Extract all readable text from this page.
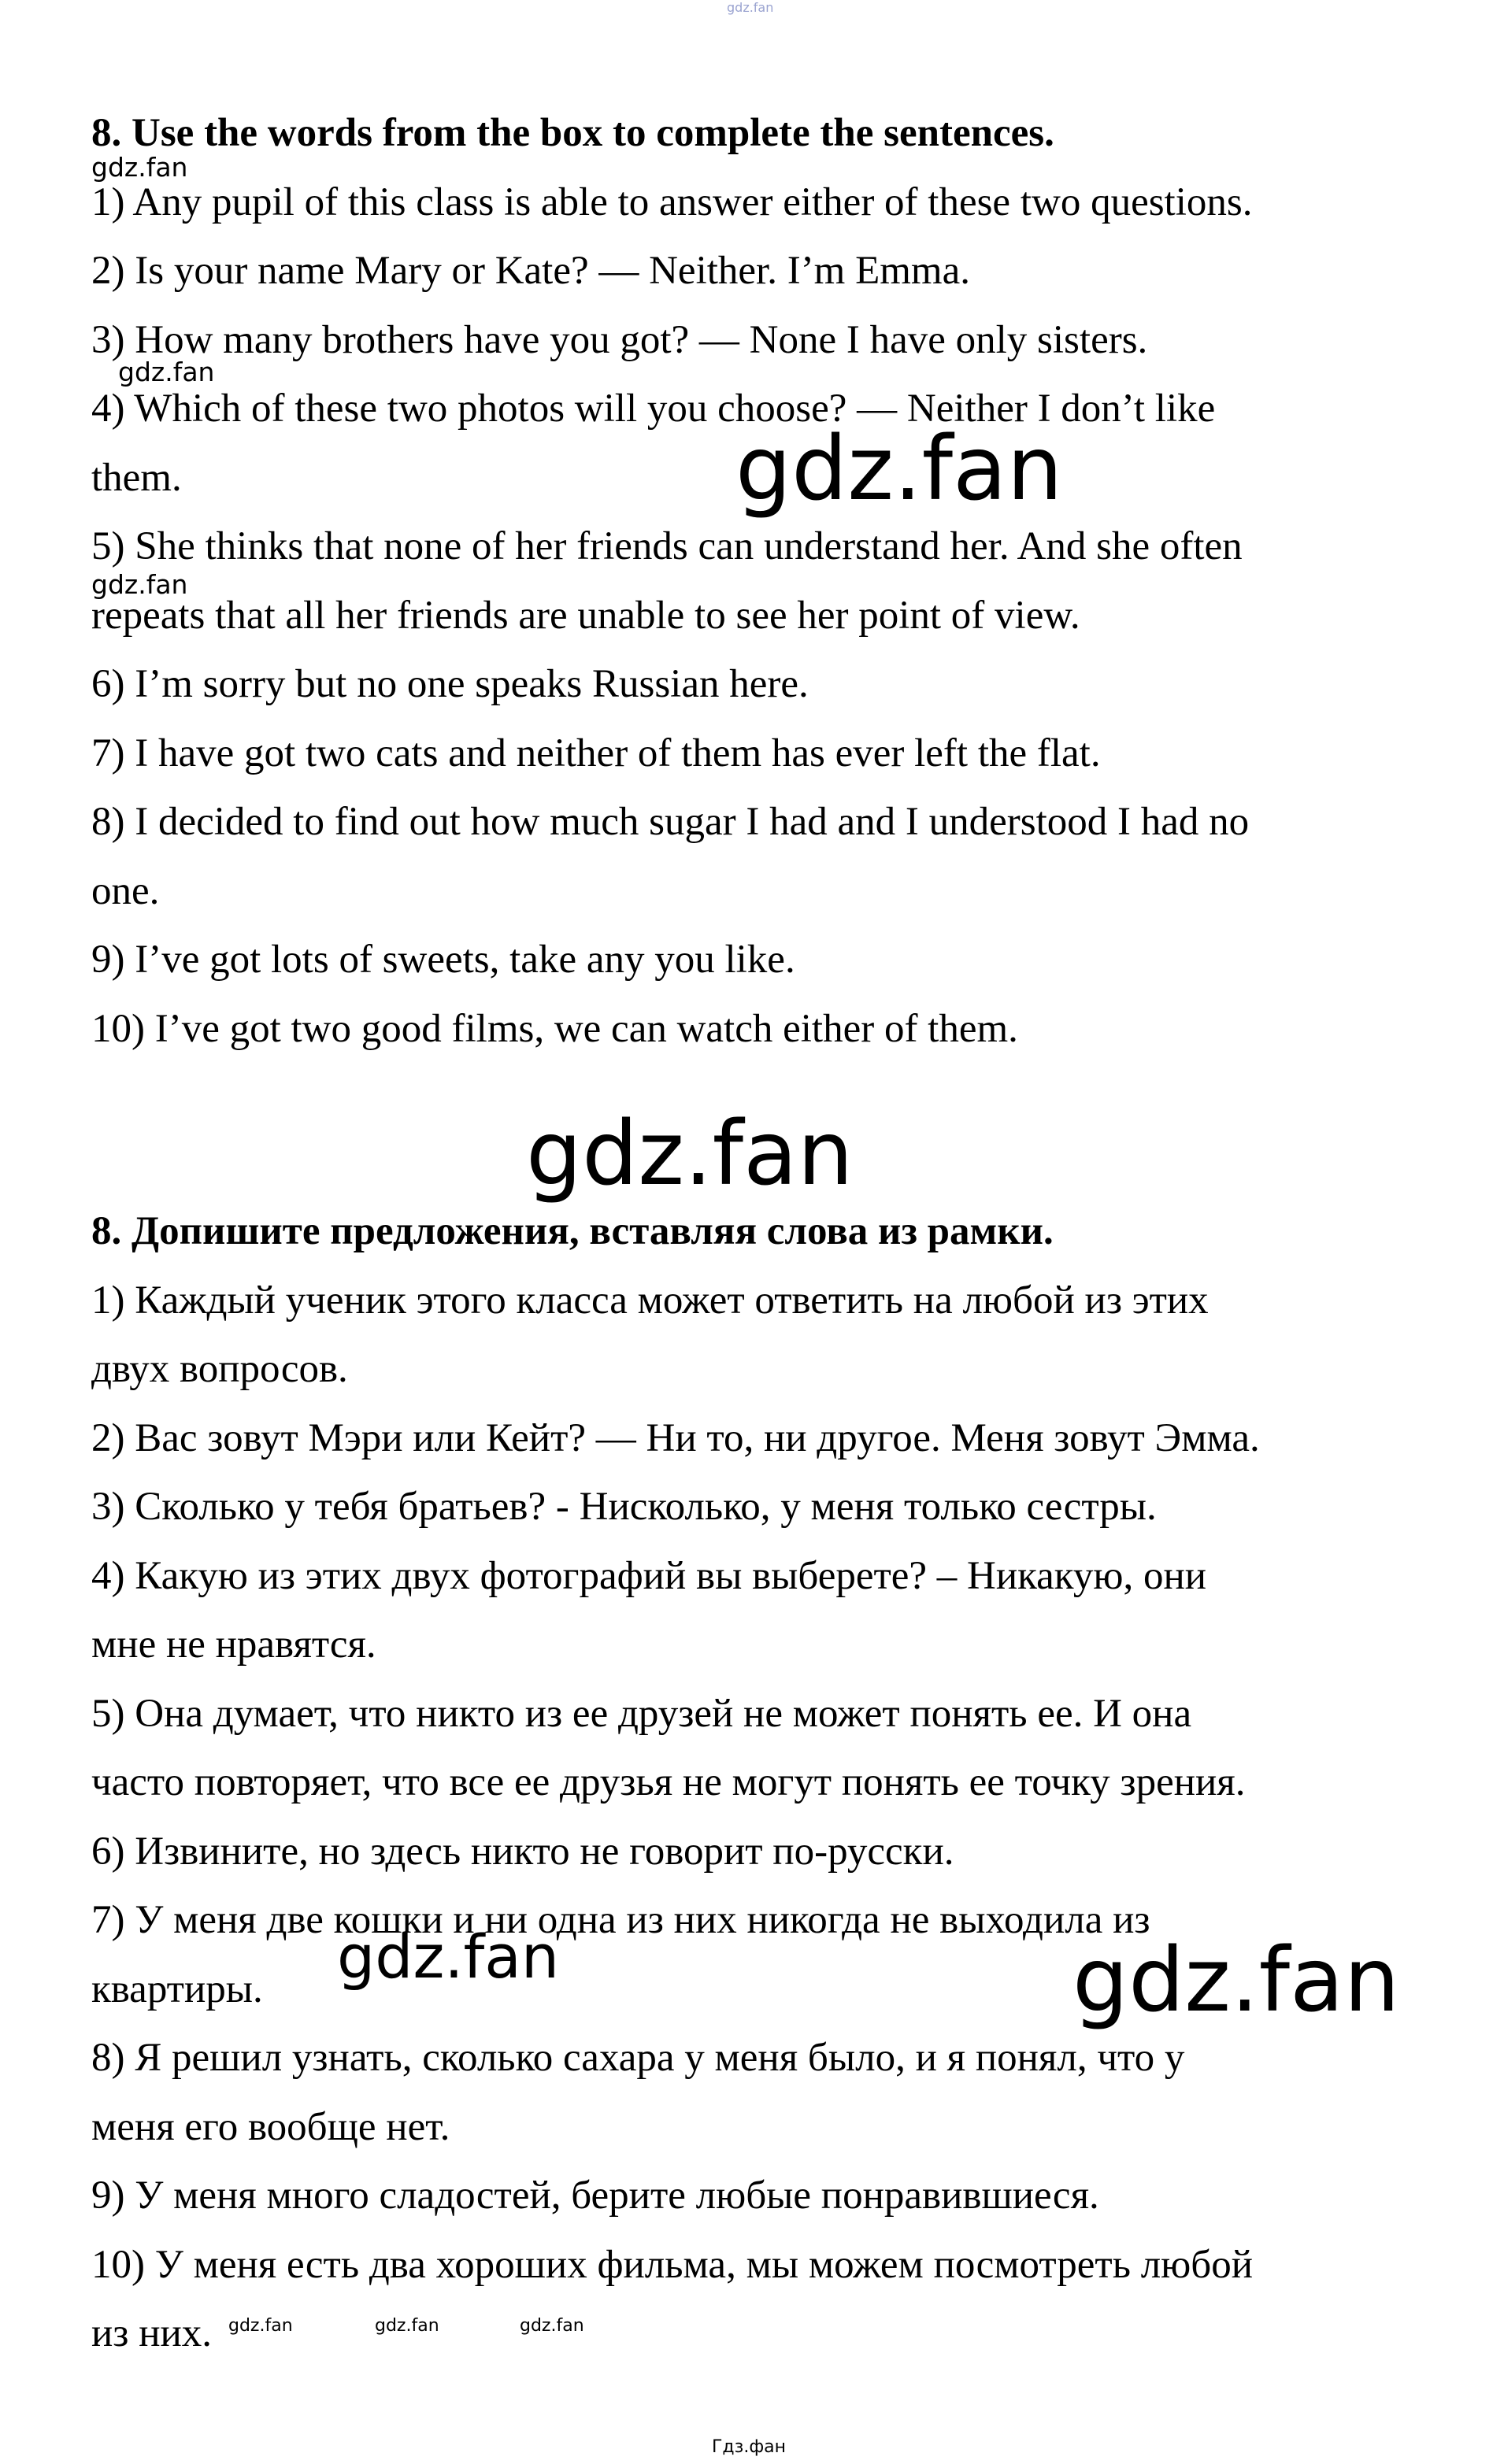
8. Use the words from the box to complete the sentences.
1) Any pupil of this class is able to answer either of these two questions.
2) Is your name Mary or Kate? — Neither. I’m Emma.
3) How many brothers have you got? — None I have only sisters.
4) Which of these two photos will you choose? — Neither I don’t like
them.
5) She thinks that none of her friends can understand her. And she often
repeats that all her friends are unable to see her point of view.
6) I’m sorry but no one speaks Russian here.
7) I have got two cats and neither of them has ever left the flat.
8) I decided to find out how much sugar I had and I understood I had no
one.
9) I’ve got lots of sweets, take any you like.
10) I’ve got two good films, we can watch either of them.
8. Допишите предложения, вставляя слова из рамки.
1) Каждый ученик этого класса может ответить на любой из этих
двух вопросов.
2) Вас зовут Мэри или Кейт? — Ни то, ни другое. Меня зовут Эмма.
3) Сколько у тебя братьев? - Нисколько, у меня только сестры.
4) Какую из этих двух фотографий вы выберете? – Никакую, они
мне не нравятся.
5) Она думает, что никто из ее друзей не может понять ее. И она
часто повторяет, что все ее друзья не могут понять ее точку зрения.
6) Извините, но здесь никто не говорит по-русски.
7) У меня две кошки и ни одна из них никогда не выходила из
квартиры.
8) Я решил узнать, сколько сахара у меня было, и я понял, что у
меня его вообще нет.
9) У меня много сладостей, берите любые понравившиеся.
10) У меня есть два хороших фильма, мы можем посмотреть любой
из них.
gdz.fan
gdz.fan
gdz.fan
gdz.fan
gdz.fan
gdz.fan
gdz.fan	gdz.fan
gdz.fan	gdz.fan	gdz.fan
Гдз.фан
